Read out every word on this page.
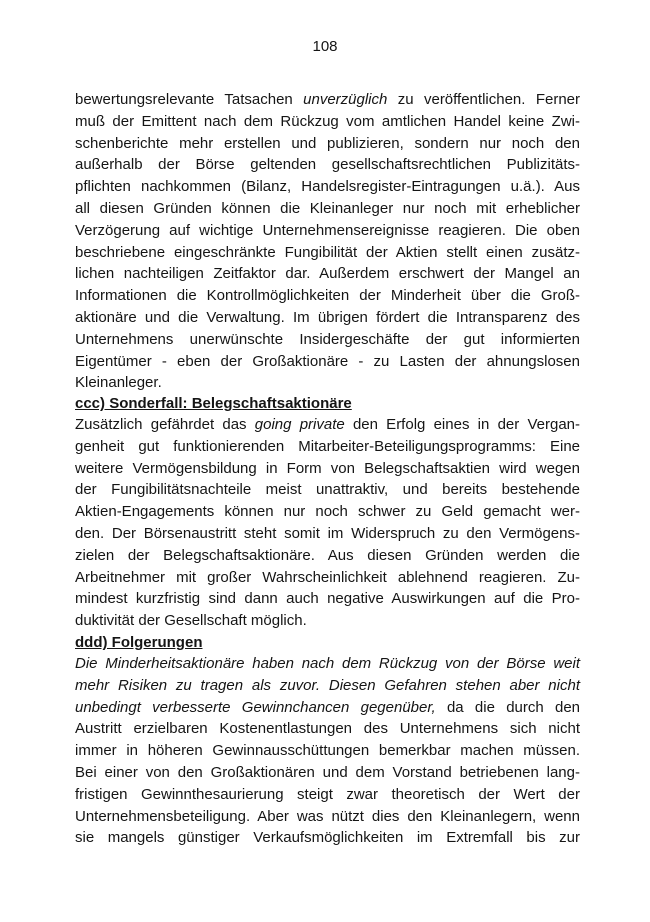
108
bewertungsrelevante Tatsachen unverzüglich zu veröffentlichen. Ferner
muß der Emittent nach dem Rückzug vom amtlichen Handel keine Zwi-
schenberichte mehr erstellen und publizieren, sondern nur noch den
außerhalb der Börse geltenden gesellschaftsrechtlichen Publizitäts-
pflichten nachkommen (Bilanz, Handelsregister-Eintragungen u.ä.). Aus
all diesen Gründen können die Kleinanleger nur noch mit erheblicher
Verzögerung auf wichtige Unternehmensereignisse reagieren. Die oben
beschriebene eingeschränkte Fungibilität der Aktien stellt einen zusätz-
lichen nachteiligen Zeitfaktor dar. Außerdem erschwert der Mangel an
Informationen die Kontrollmöglichkeiten der Minderheit über die Groß-
aktionäre und die Verwaltung. Im übrigen fördert die Intransparenz des
Unternehmens unerwünschte Insidergeschäfte der gut informierten
Eigentümer - eben der Großaktionäre - zu Lasten der ahnungslosen
Kleinanleger.
ccc) Sonderfall: Belegschaftsaktionäre
Zusätzlich gefährdet das going private den Erfolg eines in der Vergan-
genheit gut funktionierenden Mitarbeiter-Beteiligungsprogramms: Eine
weitere Vermögensbildung in Form von Belegschaftsaktien wird wegen
der Fungibilitätsnachteile meist unattraktiv, und bereits bestehende
Aktien-Engagements können nur noch schwer zu Geld gemacht wer-
den. Der Börsenaustritt steht somit im Widerspruch zu den Vermögens-
zielen der Belegschaftsaktionäre. Aus diesen Gründen werden die
Arbeitnehmer mit großer Wahrscheinlichkeit ablehnend reagieren. Zu-
mindest kurzfristig sind dann auch negative Auswirkungen auf die Pro-
duktivität der Gesellschaft möglich.
ddd) Folgerungen
Die Minderheitsaktionäre haben nach dem Rückzug von der Börse weit
mehr Risiken zu tragen als zuvor. Diesen Gefahren stehen aber nicht
unbedingt verbesserte Gewinnchancen gegenüber, da die durch den
Austritt erzielbaren Kostenentlastungen des Unternehmens sich nicht
immer in höheren Gewinnausschüttungen bemerkbar machen müssen.
Bei einer von den Großaktionären und dem Vorstand betriebenen lang-
fristigen Gewinnthesaurierung steigt zwar theoretisch der Wert der
Unternehmensbeteiligung. Aber was nützt dies den Kleinanlegern, wenn
sie mangels günstiger Verkaufsmöglichkeiten im Extremfall bis zur
